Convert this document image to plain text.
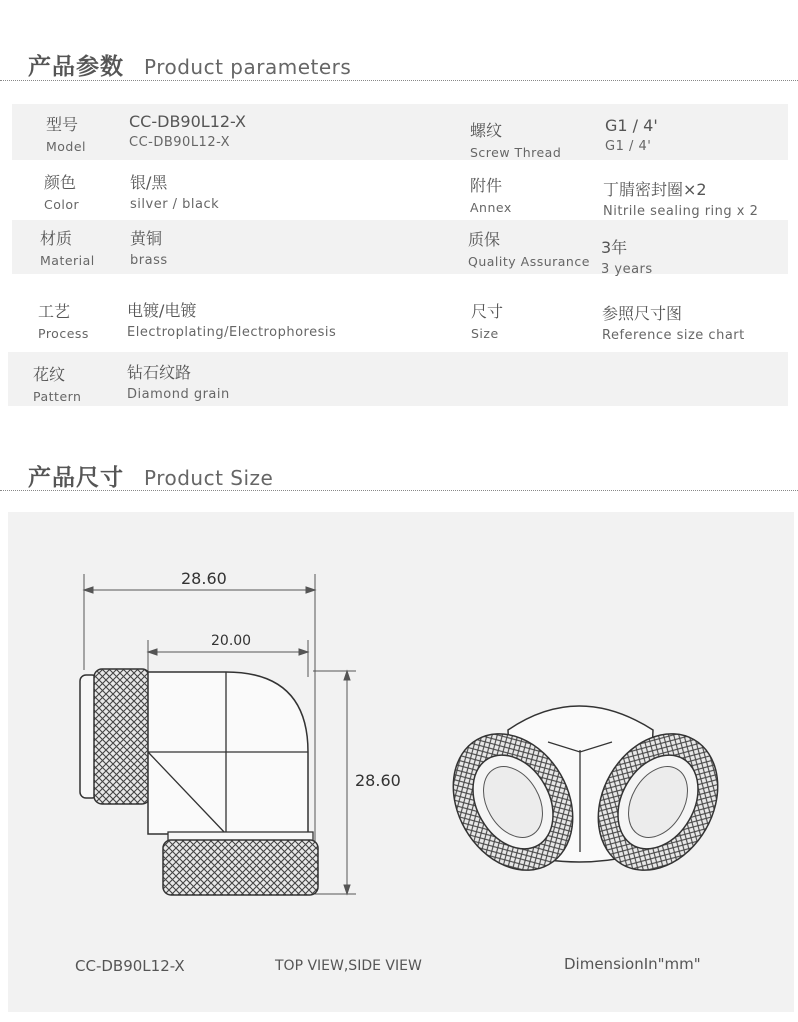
产品参数 Product parameters
型号
Model
CC-DB90L12-X
CC-DB90L12-X
螺纹
Screw Thread
G1 / 4'
G1 / 4'
颜色
Color
银/黑
silver / black
附件
Annex
丁腈密封圈×2
Nitrile sealing ring x 2
材质
Material
黄铜
brass
质保
Quality Assurance
3年
3 years
工艺
Process
电镀/电镀
Electroplating/Electrophoresis
尺寸
Size
参照尺寸图
Reference size chart
花纹
Pattern
钻石纹路
Diamond grain
产品尺寸 Product Size
28.60
20.00
28.60
CC-DB90L12-X	TOP VIEW,SIDE VIEW	DimensionIn"mm"
